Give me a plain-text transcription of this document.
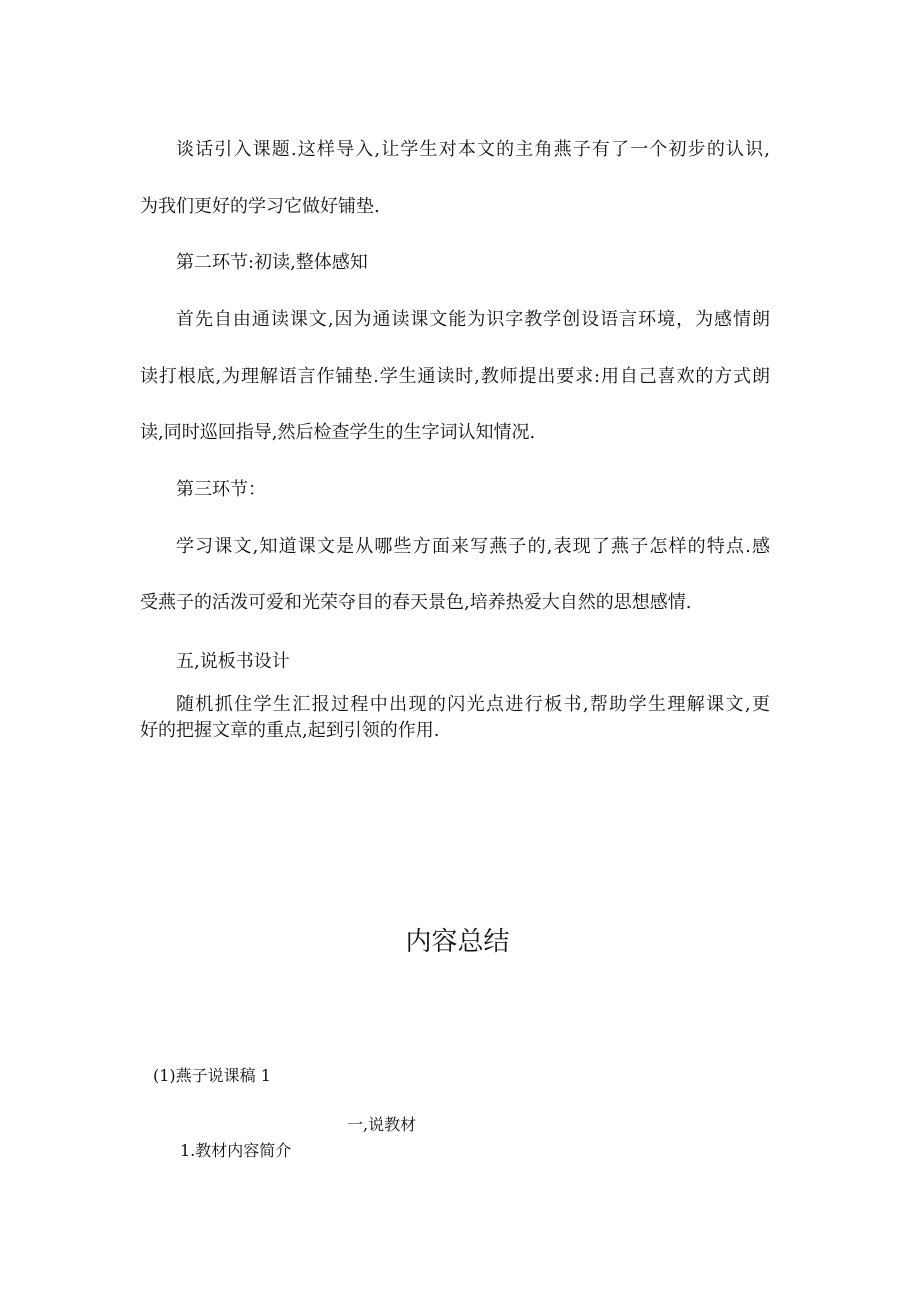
谈话引入课题.这样导入,让学生对本文的主角燕子有了一个初步的认识,
为我们更好的学习它做好铺垫.
第二环节:初读,整体感知
首先自由通读课文,因为通读课文能为识字教学创设语言环境，为感情朗
读打根底,为理解语言作铺垫.学生通读时,教师提出要求:用自己喜欢的方式朗
读,同时巡回指导,然后检查学生的生字词认知情况.
第三环节：
学习课文,知道课文是从哪些方面来写燕子的,表现了燕子怎样的特点.感
受燕子的活泼可爱和光荣夺目的春天景色,培养热爱大自然的思想感情.
五,说板书设计
随机抓住学生汇报过程中出现的闪光点进行板书,帮助学生理解课文,更
好的把握文章的重点,起到引领的作用.
内容总结
(1)燕子说课稿 1
一,说教材
1.教材内容简介
